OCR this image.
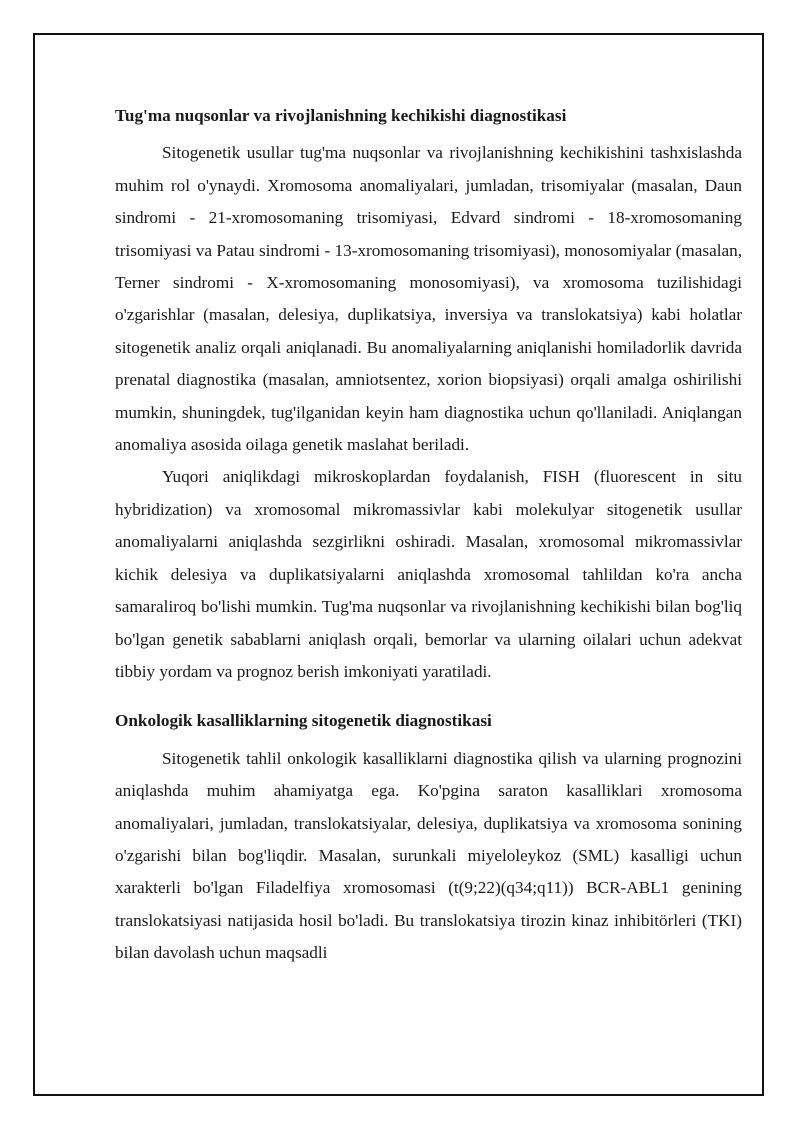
Tug'ma nuqsonlar va rivojlanishning kechikishi diagnostikasi

Sitogenetik usullar tug'ma nuqsonlar va rivojlanishning kechikishini tashxislashda muhim rol o'ynaydi. Xromosoma anomaliyalari, jumladan, trisomiyalar (masalan, Daun sindromi - 21-xromosomaning trisomiyasi, Edvard sindromi - 18-xromosomaning trisomiyasi va Patau sindromi - 13-xromosomaning trisomiyasi), monosomiyalar (masalan, Terner sindromi - X-xromosomaning monosomiyasi), va xromosoma tuzilishidagi o'zgarishlar (masalan, delesiya, duplikatsiya, inversiya va translokatsiya) kabi holatlar sitogenetik analiz orqali aniqlanadi. Bu anomaliyalarning aniqlanishi homiladorlik davrida prenatal diagnostika (masalan, amniotsentez, xorion biopsiyasi) orqali amalga oshirilishi mumkin, shuningdek, tug'ilganidan keyin ham diagnostika uchun qo'llaniladi. Aniqlangan anomaliya asosida oilaga genetik maslahat beriladi.

Yuqori aniqlikdagi mikroskoplardan foydalanish, FISH (fluorescent in situ hybridization) va xromosomal mikromassivlar kabi molekulyar sitogenetik usullar anomaliyalarni aniqlashda sezgirlikni oshiradi. Masalan, xromosomal mikromassivlar kichik delesiya va duplikatsiyalarni aniqlashda xromosomal tahlildan ko'ra ancha samaraliroq bo'lishi mumkin. Tug'ma nuqsonlar va rivojlanishning kechikishi bilan bog'liq bo'lgan genetik sabablarni aniqlash orqali, bemorlar va ularning oilalari uchun adekvat tibbiy yordam va prognoz berish imkoniyati yaratiladi.

Onkologik kasalliklarning sitogenetik diagnostikasi

Sitogenetik tahlil onkologik kasalliklarni diagnostika qilish va ularning prognozini aniqlashda muhim ahamiyatga ega. Ko'pgina saraton kasalliklari xromosoma anomaliyalari, jumladan, translokatsiyalar, delesiya, duplikatsiya va xromosoma sonining o'zgarishi bilan bog'liqdir. Masalan, surunkali miyeloleykoz (SML) kasalligi uchun xarakterli bo'lgan Filadelfiya xromosomasi (t(9;22)(q34;q11)) BCR-ABL1 genining translokatsiyasi natijasida hosil bo'ladi. Bu translokatsiya tirozin kinaz inhibitörleri (TKI) bilan davolash uchun maqsadli
